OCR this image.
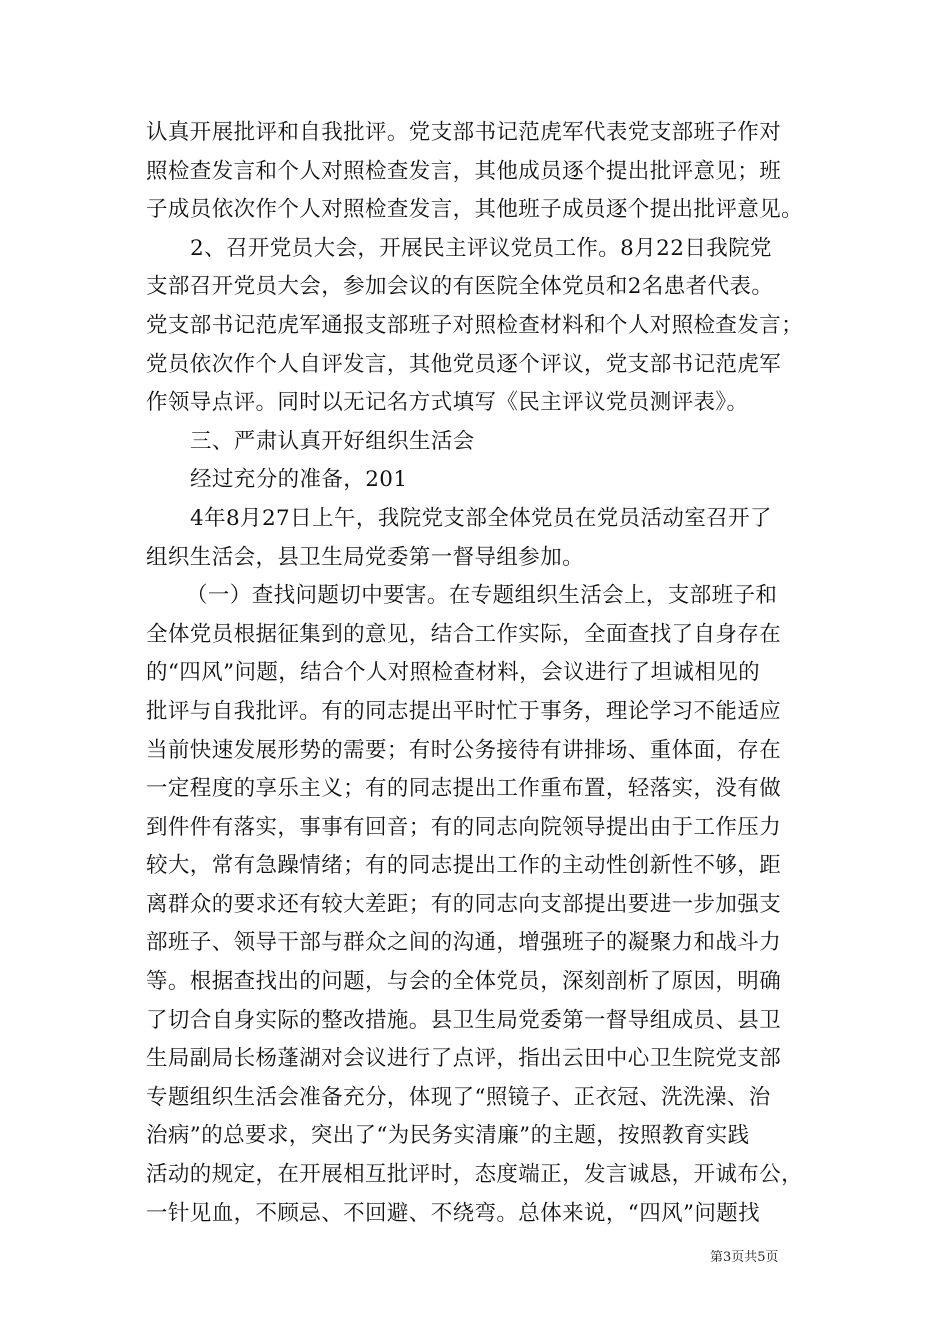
认真开展批评和自我批评。党支部书记范虎军代表党支部班子作对
照检查发言和个人对照检查发言，其他成员逐个提出批评意见；班
子成员依次作个人对照检查发言，其他班子成员逐个提出批评意见。
2、召开党员大会，开展民主评议党员工作。8月22日我院党
支部召开党员大会，参加会议的有医院全体党员和2名患者代表。
党支部书记范虎军通报支部班子对照检查材料和个人对照检查发言；
党员依次作个人自评发言，其他党员逐个评议，党支部书记范虎军
作领导点评。同时以无记名方式填写《民主评议党员测评表》。
三、严肃认真开好组织生活会
经过充分的准备，201
4年8月27日上午，我院党支部全体党员在党员活动室召开了
组织生活会，县卫生局党委第一督导组参加。
（一）查找问题切中要害。在专题组织生活会上，支部班子和
全体党员根据征集到的意见，结合工作实际，全面查找了自身存在
的“四风”问题，结合个人对照检查材料，会议进行了坦诚相见的
批评与自我批评。有的同志提出平时忙于事务，理论学习不能适应
当前快速发展形势的需要；有时公务接待有讲排场、重体面，存在
一定程度的享乐主义；有的同志提出工作重布置，轻落实，没有做
到件件有落实，事事有回音；有的同志向院领导提出由于工作压力
较大，常有急躁情绪；有的同志提出工作的主动性创新性不够，距
离群众的要求还有较大差距；有的同志向支部提出要进一步加强支
部班子、领导干部与群众之间的沟通，增强班子的凝聚力和战斗力
等。根据查找出的问题，与会的全体党员，深刻剖析了原因，明确
了切合自身实际的整改措施。县卫生局党委第一督导组成员、县卫
生局副局长杨蓬湖对会议进行了点评，指出云田中心卫生院党支部
专题组织生活会准备充分，体现了“照镜子、正衣冠、洗洗澡、治
治病”的总要求，突出了“为民务实清廉”的主题，按照教育实践
活动的规定，在开展相互批评时，态度端正，发言诚恳，开诚布公，
一针见血，不顾忌、不回避、不绕弯。总体来说，“四风”问题找
第3页共5页
